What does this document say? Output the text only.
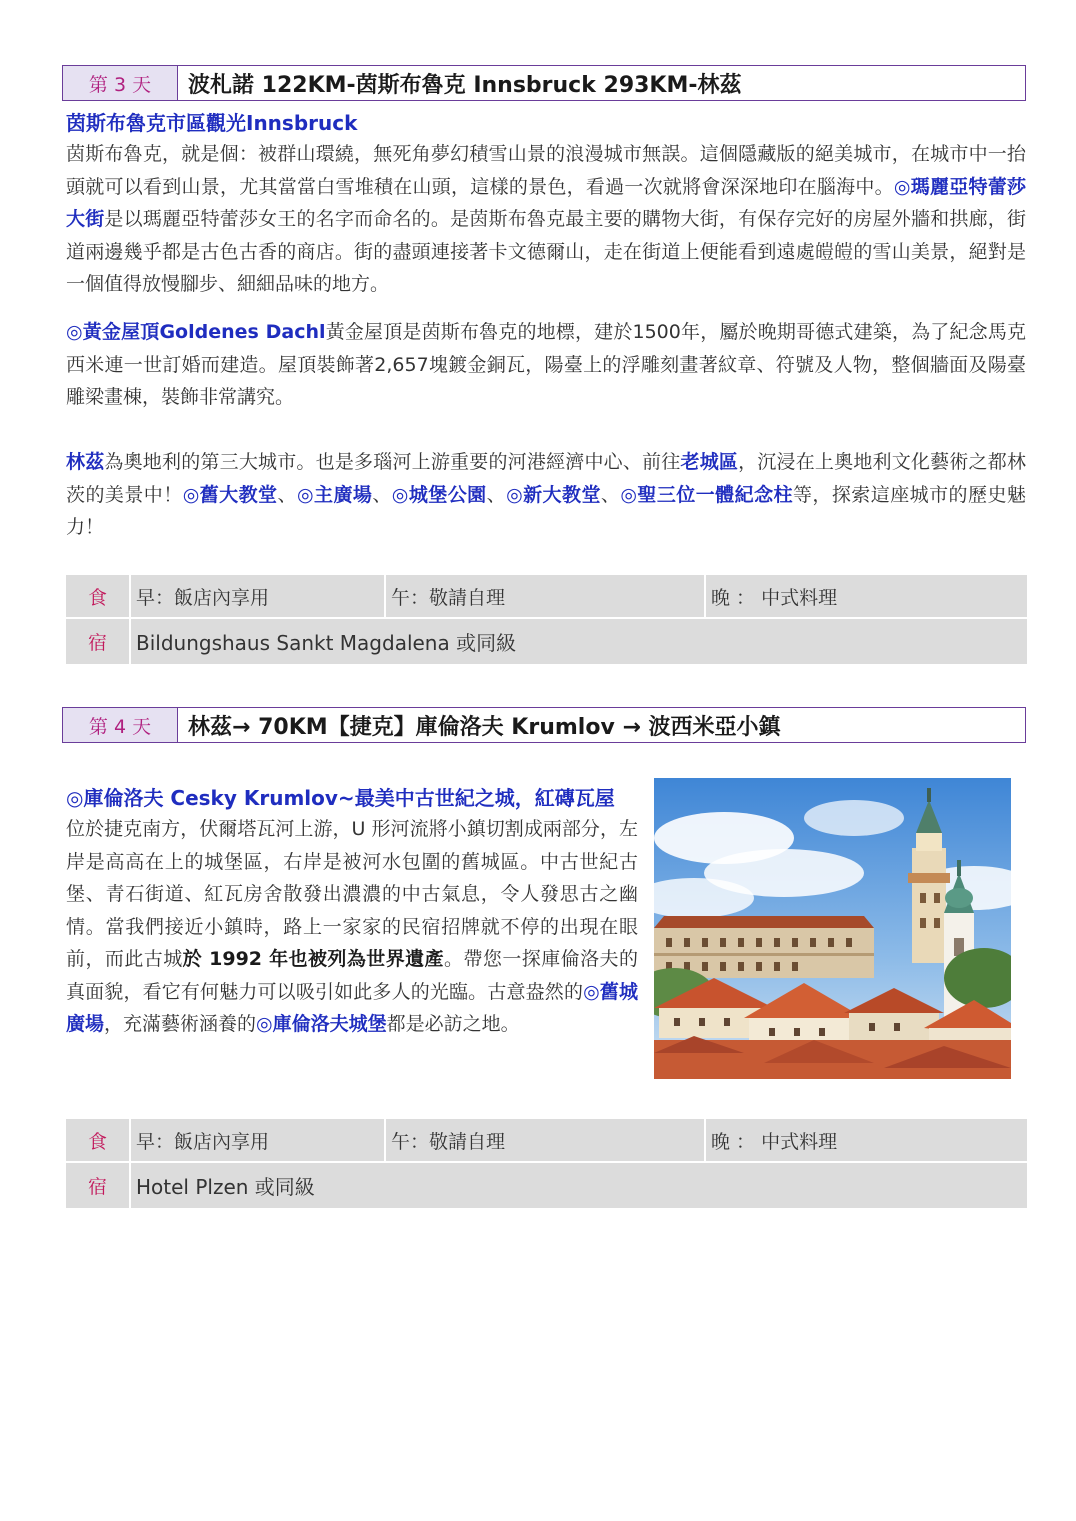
第 3 天	波札諾 122KM-茵斯布魯克 Innsbruck 293KM-林茲
茵斯布魯克市區觀光Innsbruck
茵斯布魯克，就是個：被群山環繞，無死角夢幻積雪山景的浪漫城市無誤。這個隱藏版的絕美城市，在城市中一抬頭就可以看到山景，尤其當當白雪堆積在山頭，這樣的景色，看過一次就將會深深地印在腦海中。◎瑪麗亞特蕾莎大街是以瑪麗亞特蕾莎女王的名字而命名的。是茵斯布魯克最主要的購物大街，有保存完好的房屋外牆和拱廊，街道兩邊幾乎都是古色古香的商店。街的盡頭連接著卡文德爾山，走在街道上便能看到遠處皚皚的雪山美景，絕對是一個值得放慢腳步、細細品味的地方。
◎黃金屋頂Goldenes Dachl黃金屋頂是茵斯布魯克的地標，建於1500年，屬於晚期哥德式建築，為了紀念馬克西米連一世訂婚而建造。屋頂裝飾著2,657塊鍍金銅瓦，陽臺上的浮雕刻畫著紋章、符號及人物，整個牆面及陽臺雕梁畫棟，裝飾非常講究。
林茲為奧地利的第三大城市。也是多瑙河上游重要的河港經濟中心、前往老城區，沉浸在上奧地利文化藝術之都林茨的美景中！◎舊大教堂、◎主廣場、◎城堡公園、◎新大教堂、◎聖三位一體紀念柱等，探索這座城市的歷史魅力！
食	早：飯店內享用	午：敬請自理	晚 ： 中式料理
宿	Bildungshaus Sankt Magdalena 或同級		
第 4 天	林茲→ 70KM【捷克】庫倫洛夫 Krumlov → 波西米亞小鎮
◎庫倫洛夫 Cesky Krumlov~最美中古世紀之城，紅磚瓦屋
位於捷克南方，伏爾塔瓦河上游，U 形河流將小鎮切割成兩部分，左岸是高高在上的城堡區，右岸是被河水包圍的舊城區。中古世紀古堡、青石街道、紅瓦房舍散發出濃濃的中古氣息，令人發思古之幽情。當我們接近小鎮時，路上一家家的民宿招牌就不停的出現在眼前，而此古城於 1992 年也被列為世界遺產。帶您一探庫倫洛夫的真面貌，看它有何魅力可以吸引如此多人的光臨。古意盎然的◎舊城廣場，充滿藝術涵養的◎庫倫洛夫城堡都是必訪之地。
食	早：飯店內享用	午：敬請自理	晚 ： 中式料理
宿	Hotel Plzen 或同級		
